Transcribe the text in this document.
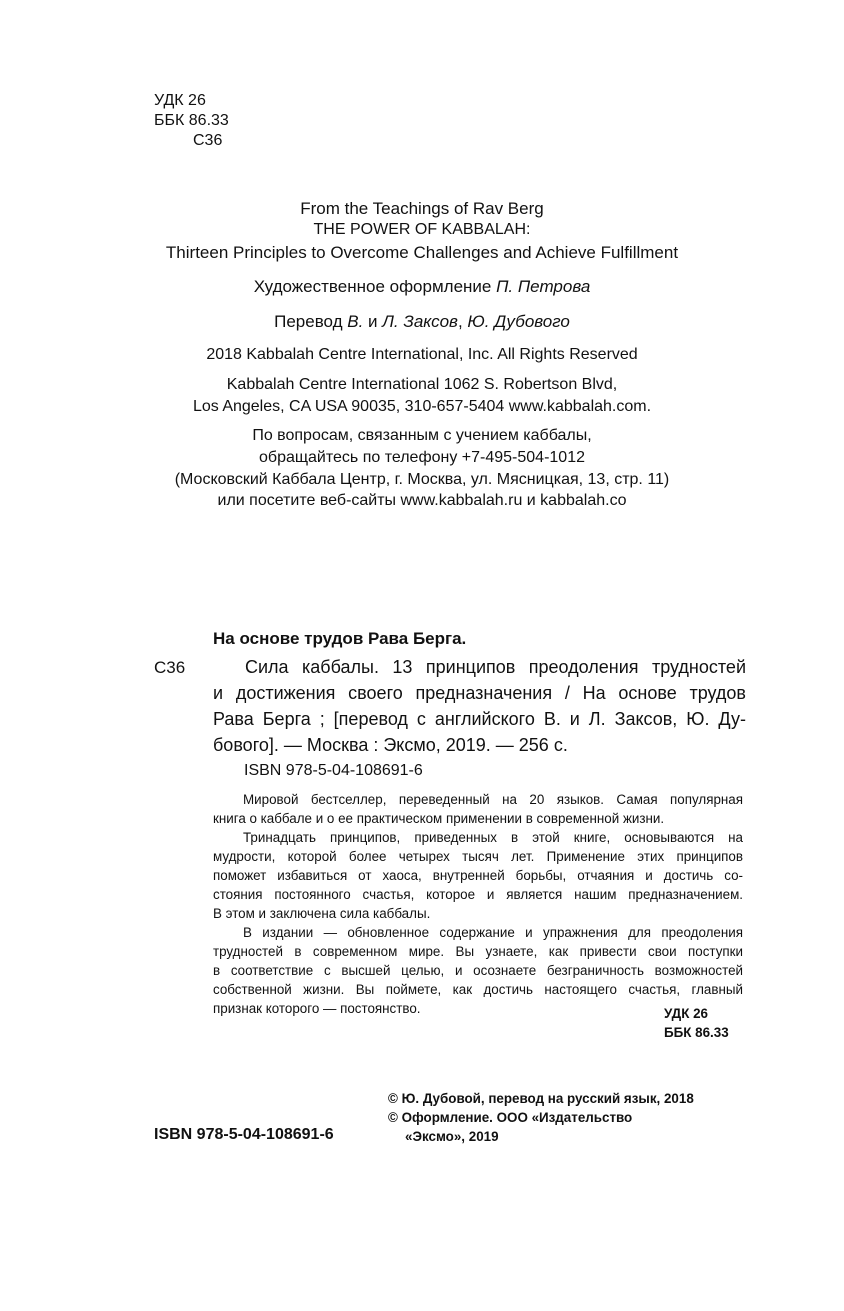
УДК 26
ББК 86.33
С36
From the Teachings of Rav Berg
THE POWER OF KABBALAH:
Thirteen Principles to Overcome Challenges and Achieve Fulfillment
Художественное оформление П. Петрова
Перевод В. и Л. Заксов, Ю. Дубового
2018 Kabbalah Centre International, Inc. All Rights Reserved
Kabbalah Centre International 1062 S. Robertson Blvd,
Los Angeles, CA USA 90035, 310-657-5404 www.kabbalah.com.
По вопросам, связанным с учением каббалы,
обращайтесь по телефону +7-495-504-1012
(Московский Каббала Центр, г. Москва, ул. Мясницкая, 13, стр. 11)
или посетите веб-сайты www.kabbalah.ru и kabbalah.co
На основе трудов Рава Берга.
С36	Сила каббалы. 13 принципов преодоления трудностей
и достижения своего предназначения / На основе трудов
Рава Берга ; [перевод с английского В. и Л. Заксов, Ю. Ду-
бового]. — Москва : Эксмо, 2019. — 256 с.
ISBN 978-5-04-108691-6
Мировой бестселлер, переведенный на 20 языков. Самая популярная
книга о каббале и о ее практическом применении в современной жизни.
Тринадцать принципов, приведенных в этой книге, основываются на
мудрости, которой более четырех тысяч лет. Применение этих принципов
поможет избавиться от хаоса, внутренней борьбы, отчаяния и достичь со-
стояния постоянного счастья, которое и является нашим предназначением.
В этом и заключена сила каббалы.
В издании — обновленное содержание и упражнения для преодоления
трудностей в современном мире. Вы узнаете, как привести свои поступки
в соответствие с высшей целью, и осознаете безграничность возможностей
собственной жизни. Вы поймете, как достичь настоящего счастья, главный
признак которого — постоянство.	УДК 26
ББК 86.33
ISBN 978-5-04-108691-6
© Ю. Дубовой, перевод на русский язык, 2018
© Оформление. ООО «Издательство
«Эксмо», 2019
